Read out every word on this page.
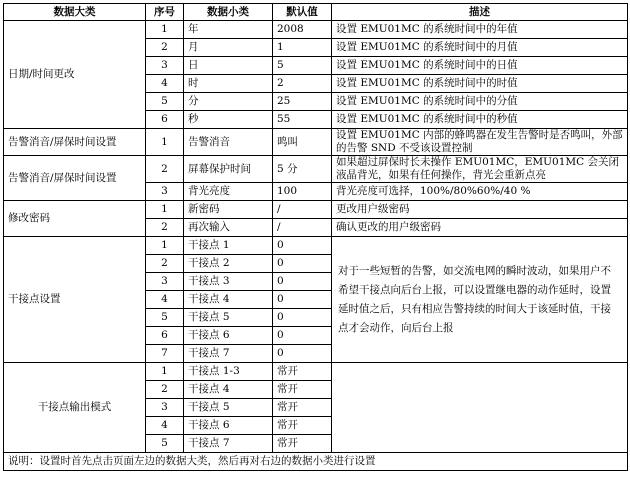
数据大类	序号	数据小类	默认值	描述
日期/时间更改	1	年	2008	设置 EMU01MC 的系统时间中的年值
	2	月	1	设置 EMU01MC 的系统时间中的月值
	3	日	5	设置 EMU01MC 的系统时间中的日值
	4	时	2	设置 EMU01MC 的系统时间中的时值
	5	分	25	设置 EMU01MC 的系统时间中的分值
	6	秒	55	设置 EMU01MC 的系统时间中的秒值
告警消音/屏保时间设置	1	告警消音	鸣叫	设置 EMU01MC 内部的蜂鸣器在发生告警时是否鸣叫，外部的告警 SND 不受该设置控制
告警消音/屏保时间设置	2	屏幕保护时间	5 分	如果超过屏保时长未操作 EMU01MC，EMU01MC 会关闭液晶背光，如果有任何操作，背光会重新点亮
	3	背光亮度	100	背光亮度可选择，100%/80%60%/40 %
修改密码	1	新密码	/	更改用户级密码
	2	再次输入	/	确认更改的用户级密码
干接点设置	1	干接点 1	0	对于一些短暂的告警，如交流电网的瞬时波动，如果用户不希望干接点向后台上报，可以设置继电器的动作延时，设置延时值之后，只有相应告警持续的时间大于该延时值，干接点才会动作，向后台上报

	2	干接点 2	0	
	3	干接点 3	0	
	4	干接点 4	0	
	5	干接点 5	0	
	6	干接点 6	0	
	7	干接点 7	0	
干接点输出模式	1	干接点 1-3	常开	
	2	干接点 4	常开	
	3	干接点 5	常开	
	4	干接点 6	常开	
	5	干接点 7	常开	
说明：设置时首先点击页面左边的数据大类，然后再对右边的数据小类进行设置				
